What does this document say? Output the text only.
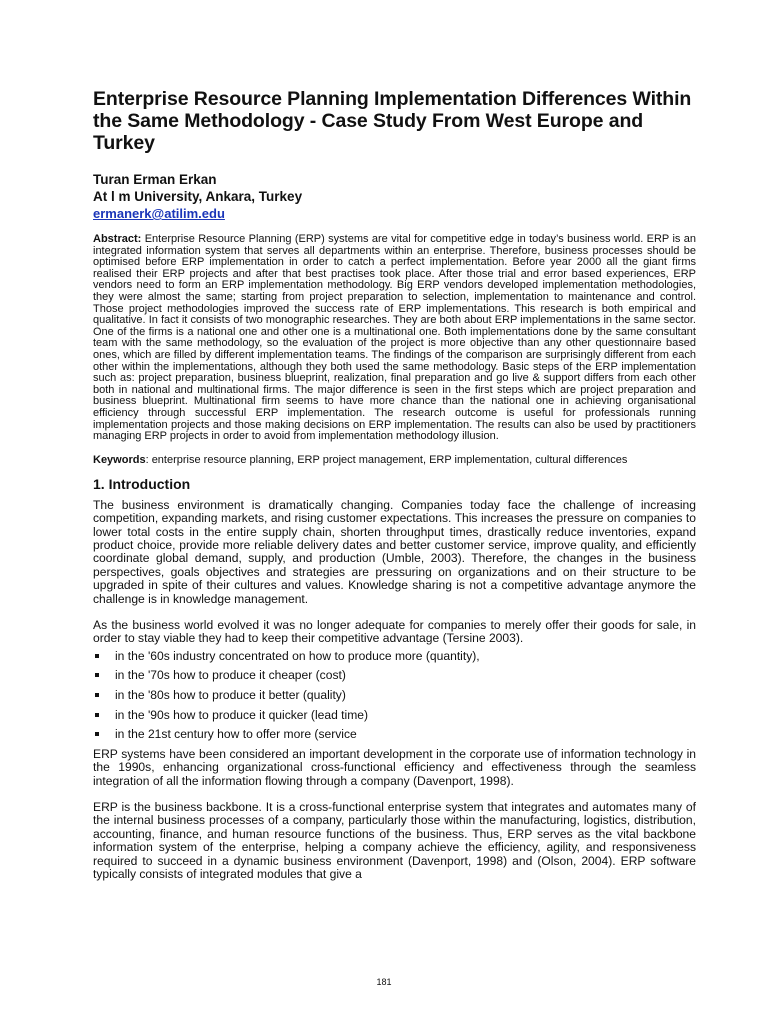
Enterprise Resource Planning Implementation Differences Within the Same Methodology - Case Study From West Europe and Turkey
Turan Erman Erkan
At l m University, Ankara, Turkey
ermanerk@atilim.edu
Abstract: Enterprise Resource Planning (ERP) systems are vital for competitive edge in today’s business world. ERP is an integrated information system that serves all departments within an enterprise. Therefore, business processes should be optimised before ERP implementation in order to catch a perfect implementation. Before year 2000 all the giant firms realised their ERP projects and after that best practises took place. After those trial and error based experiences, ERP vendors need to form an ERP implementation methodology. Big ERP vendors developed implementation methodologies, they were almost the same; starting from project preparation to selection, implementation to maintenance and control. Those project methodologies improved the success rate of ERP implementations. This research is both empirical and qualitative. In fact it consists of two monographic researches. They are both about ERP implementations in the same sector. One of the firms is a national one and other one is a multinational one. Both implementations done by the same consultant team with the same methodology, so the evaluation of the project is more objective than any other questionnaire based ones, which are filled by different implementation teams. The findings of the comparison are surprisingly different from each other within the implementations, although they both used the same methodology. Basic steps of the ERP implementation such as: project preparation, business blueprint, realization, final preparation and go live & support differs from each other both in national and multinational firms. The major difference is seen in the first steps which are project preparation and business blueprint. Multinational firm seems to have more chance than the national one in achieving organisational efficiency through successful ERP implementation. The research outcome is useful for professionals running implementation projects and those making decisions on ERP implementation. The results can also be used by practitioners managing ERP projects in order to avoid from implementation methodology illusion.
Keywords: enterprise resource planning, ERP project management, ERP implementation, cultural differences
1. Introduction

The business environment is dramatically changing. Companies today face the challenge of increasing competition, expanding markets, and rising customer expectations. This increases the pressure on companies to lower total costs in the entire supply chain, shorten throughput times, drastically reduce inventories, expand product choice, provide more reliable delivery dates and better customer service, improve quality, and efficiently coordinate global demand, supply, and production (Umble, 2003). Therefore, the changes in the business perspectives, goals objectives and strategies are pressuring on organizations and on their structure to be upgraded in spite of their cultures and values. Knowledge sharing is not a competitive advantage anymore the challenge is in knowledge management.

As the business world evolved it was no longer adequate for companies to merely offer their goods for sale, in order to stay viable they had to keep their competitive advantage (Tersine 2003).

in the '60s industry concentrated on how to produce more (quantity),
in the '70s how to produce it cheaper (cost)
in the '80s how to produce it better (quality)
in the '90s how to produce it quicker (lead time)
in the 21st century how to offer more (service

ERP systems have been considered an important development in the corporate use of information technology in the 1990s, enhancing organizational cross-functional efficiency and effectiveness through the seamless integration of all the information flowing through a company (Davenport, 1998).

ERP is the business backbone. It is a cross-functional enterprise system that integrates and automates many of the internal business processes of a company, particularly those within the manufacturing, logistics, distribution, accounting, finance, and human resource functions of the business. Thus, ERP serves as the vital backbone information system of the enterprise, helping a company achieve the efficiency, agility, and responsiveness required to succeed in a dynamic business environment (Davenport, 1998) and (Olson, 2004). ERP software typically consists of integrated modules that give a

181
